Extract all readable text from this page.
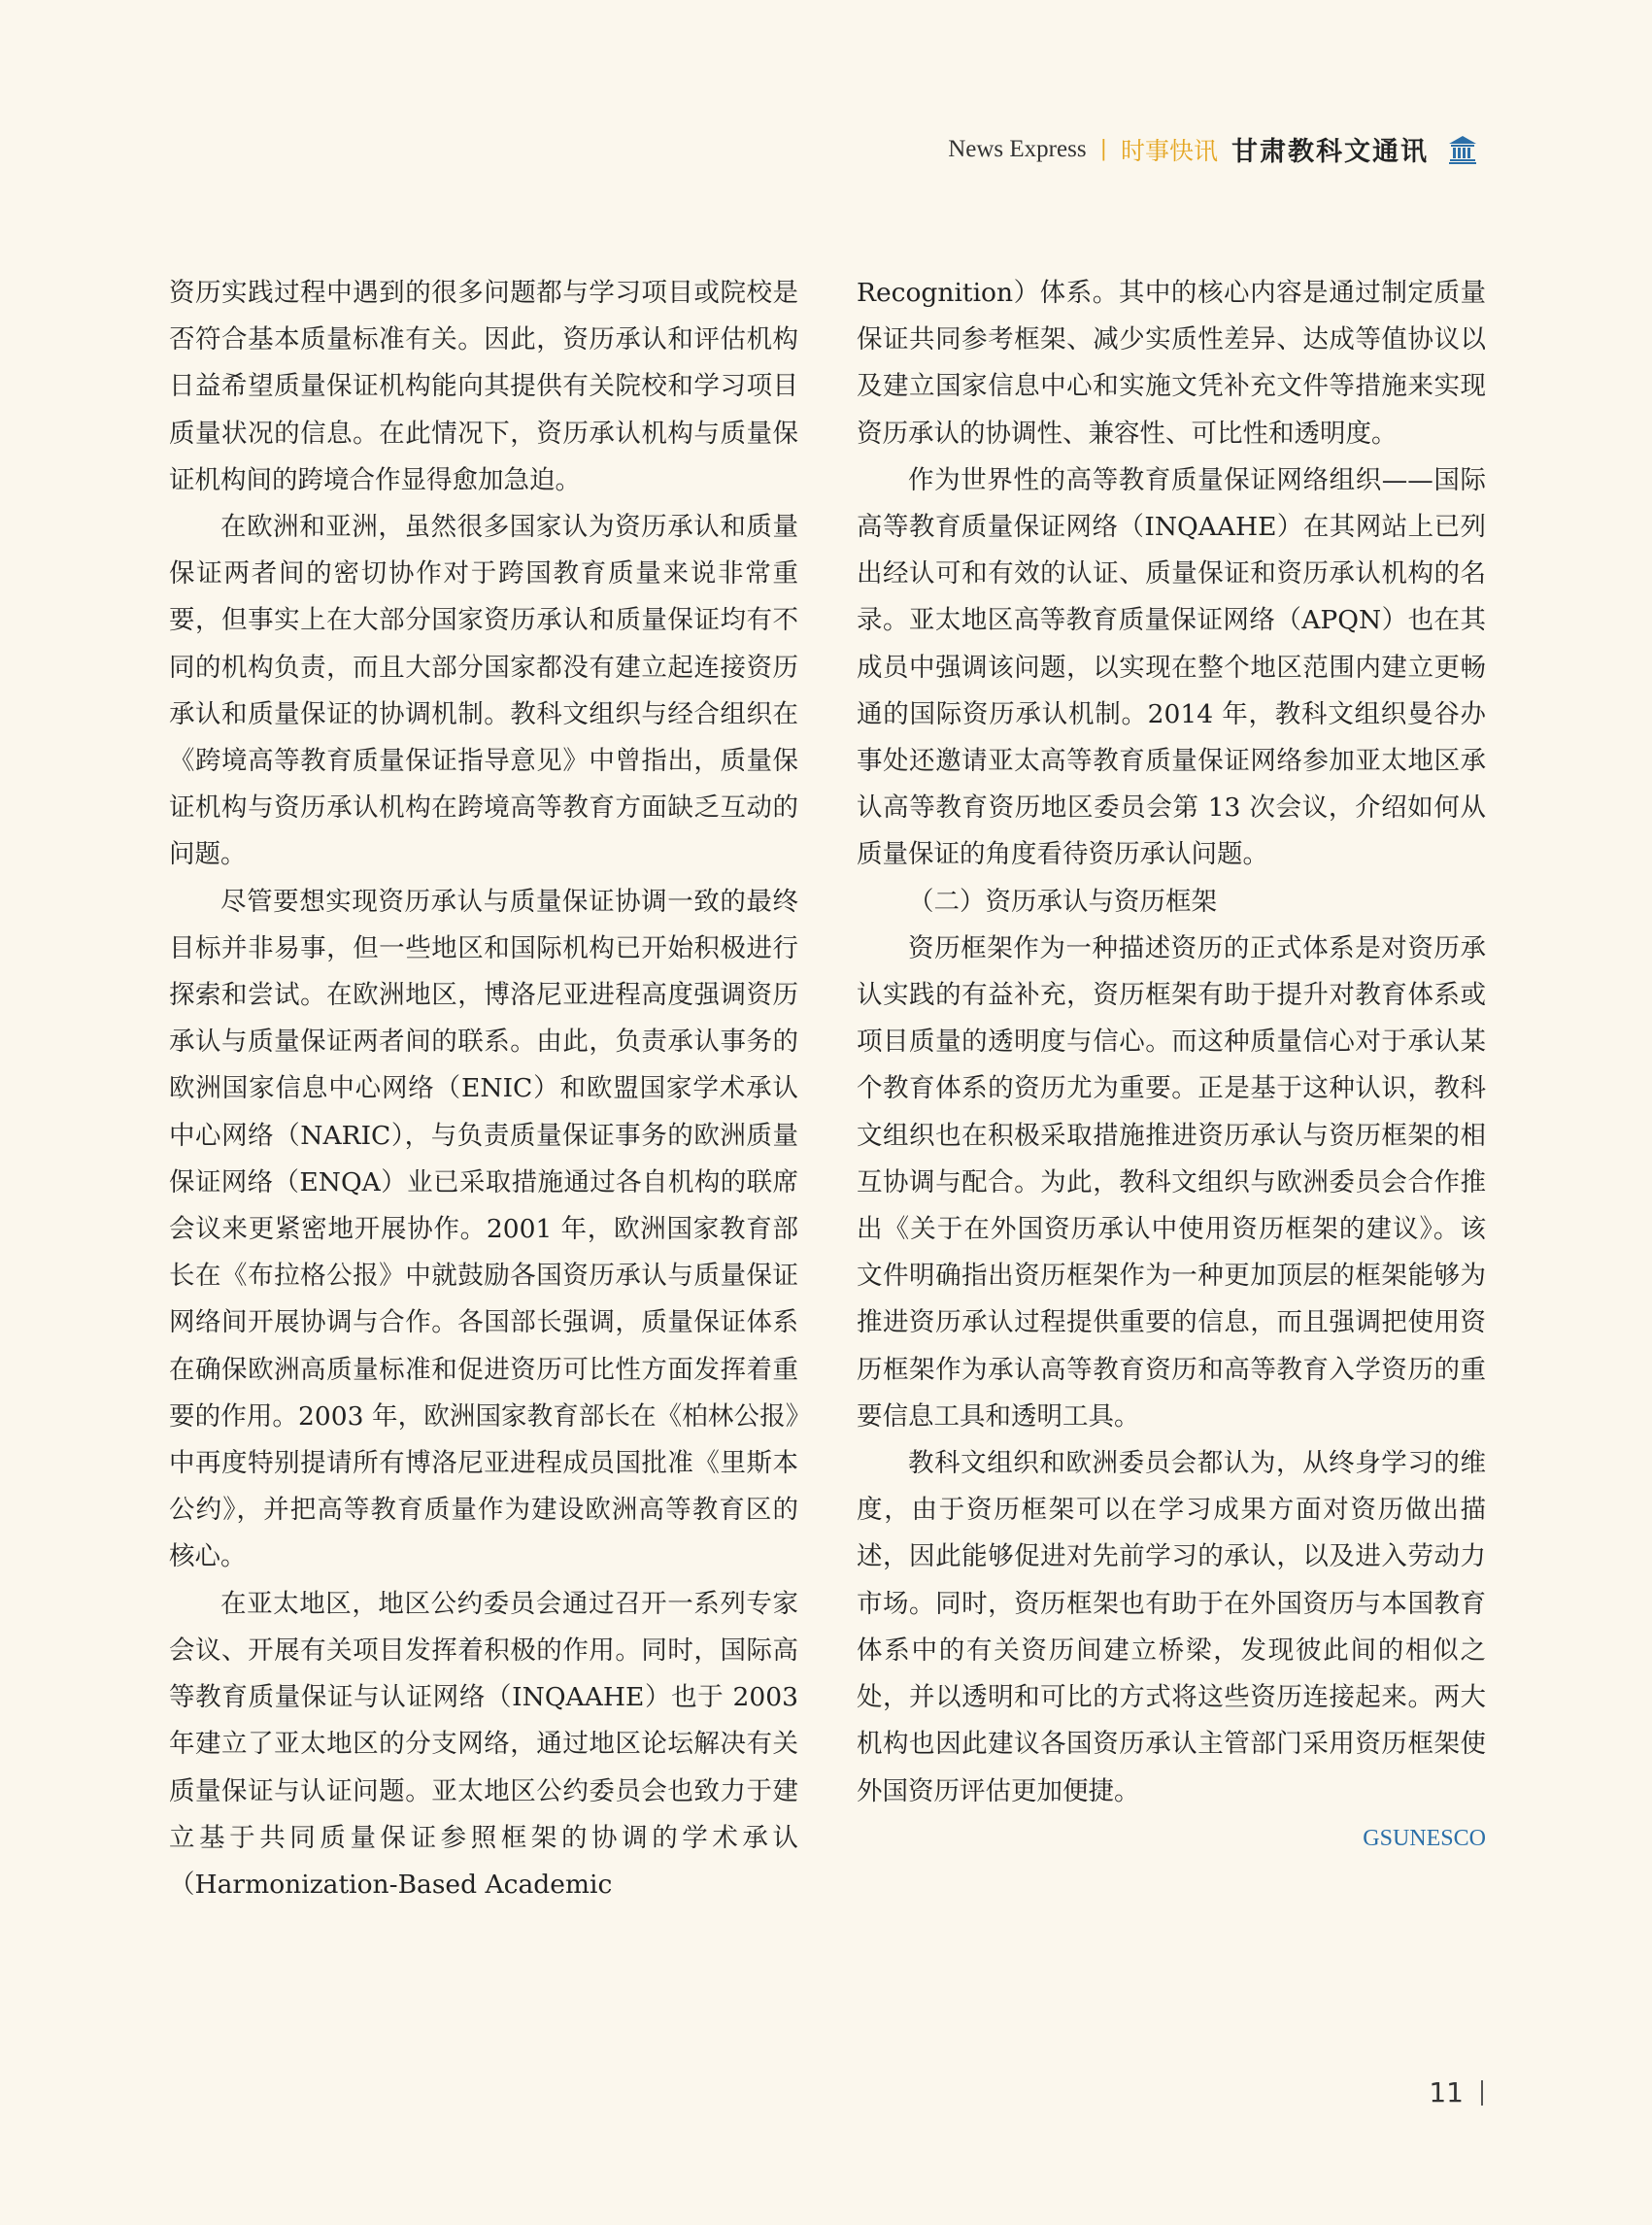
News Express | 时事快讯 甘肃教科文通讯

资历实践过程中遇到的很多问题都与学习项目或院校是否符合基本质量标准有关。因此，资历承认和评估机构日益希望质量保证机构能向其提供有关院校和学习项目质量状况的信息。在此情况下，资历承认机构与质量保证机构间的跨境合作显得愈加急迫。

在欧洲和亚洲，虽然很多国家认为资历承认和质量保证两者间的密切协作对于跨国教育质量来说非常重要，但事实上在大部分国家资历承认和质量保证均有不同的机构负责，而且大部分国家都没有建立起连接资历承认和质量保证的协调机制。教科文组织与经合组织在《跨境高等教育质量保证指导意见》中曾指出，质量保证机构与资历承认机构在跨境高等教育方面缺乏互动的问题。

尽管要想实现资历承认与质量保证协调一致的最终目标并非易事，但一些地区和国际机构已开始积极进行探索和尝试。在欧洲地区，博洛尼亚进程高度强调资历承认与质量保证两者间的联系。由此，负责承认事务的欧洲国家信息中心网络（ENIC）和欧盟国家学术承认中心网络（NARIC），与负责质量保证事务的欧洲质量保证网络（ENQA）业已采取措施通过各自机构的联席会议来更紧密地开展协作。2001 年，欧洲国家教育部长在《布拉格公报》中就鼓励各国资历承认与质量保证网络间开展协调与合作。各国部长强调，质量保证体系在确保欧洲高质量标准和促进资历可比性方面发挥着重要的作用。2003 年，欧洲国家教育部长在《柏林公报》中再度特别提请所有博洛尼亚进程成员国批准《里斯本公约》，并把高等教育质量作为建设欧洲高等教育区的核心。

在亚太地区，地区公约委员会通过召开一系列专家会议、开展有关项目发挥着积极的作用。同时，国际高等教育质量保证与认证网络（INQAAHE）也于 2003 年建立了亚太地区的分支网络，通过地区论坛解决有关质量保证与认证问题。亚太地区公约委员会也致力于建立基于共同质量保证参照框架的协调的学术承认（Harmonization-Based Academic

Recognition）体系。其中的核心内容是通过制定质量保证共同参考框架、减少实质性差异、达成等值协议以及建立国家信息中心和实施文凭补充文件等措施来实现资历承认的协调性、兼容性、可比性和透明度。

作为世界性的高等教育质量保证网络组织——国际高等教育质量保证网络（INQAAHE）在其网站上已列出经认可和有效的认证、质量保证和资历承认机构的名录。亚太地区高等教育质量保证网络（APQN）也在其成员中强调该问题，以实现在整个地区范围内建立更畅通的国际资历承认机制。2014 年，教科文组织曼谷办事处还邀请亚太高等教育质量保证网络参加亚太地区承认高等教育资历地区委员会第 13 次会议，介绍如何从质量保证的角度看待资历承认问题。

（二）资历承认与资历框架

资历框架作为一种描述资历的正式体系是对资历承认实践的有益补充，资历框架有助于提升对教育体系或项目质量的透明度与信心。而这种质量信心对于承认某个教育体系的资历尤为重要。正是基于这种认识，教科文组织也在积极采取措施推进资历承认与资历框架的相互协调与配合。为此，教科文组织与欧洲委员会合作推出《关于在外国资历承认中使用资历框架的建议》。该文件明确指出资历框架作为一种更加顶层的框架能够为推进资历承认过程提供重要的信息，而且强调把使用资历框架作为承认高等教育资历和高等教育入学资历的重要信息工具和透明工具。

教科文组织和欧洲委员会都认为，从终身学习的维度，由于资历框架可以在学习成果方面对资历做出描述，因此能够促进对先前学习的承认，以及进入劳动力市场。同时，资历框架也有助于在外国资历与本国教育体系中的有关资历间建立桥梁，发现彼此间的相似之处，并以透明和可比的方式将这些资历连接起来。两大机构也因此建议各国资历承认主管部门采用资历框架使外国资历评估更加便捷。

GSUNESCO
11
